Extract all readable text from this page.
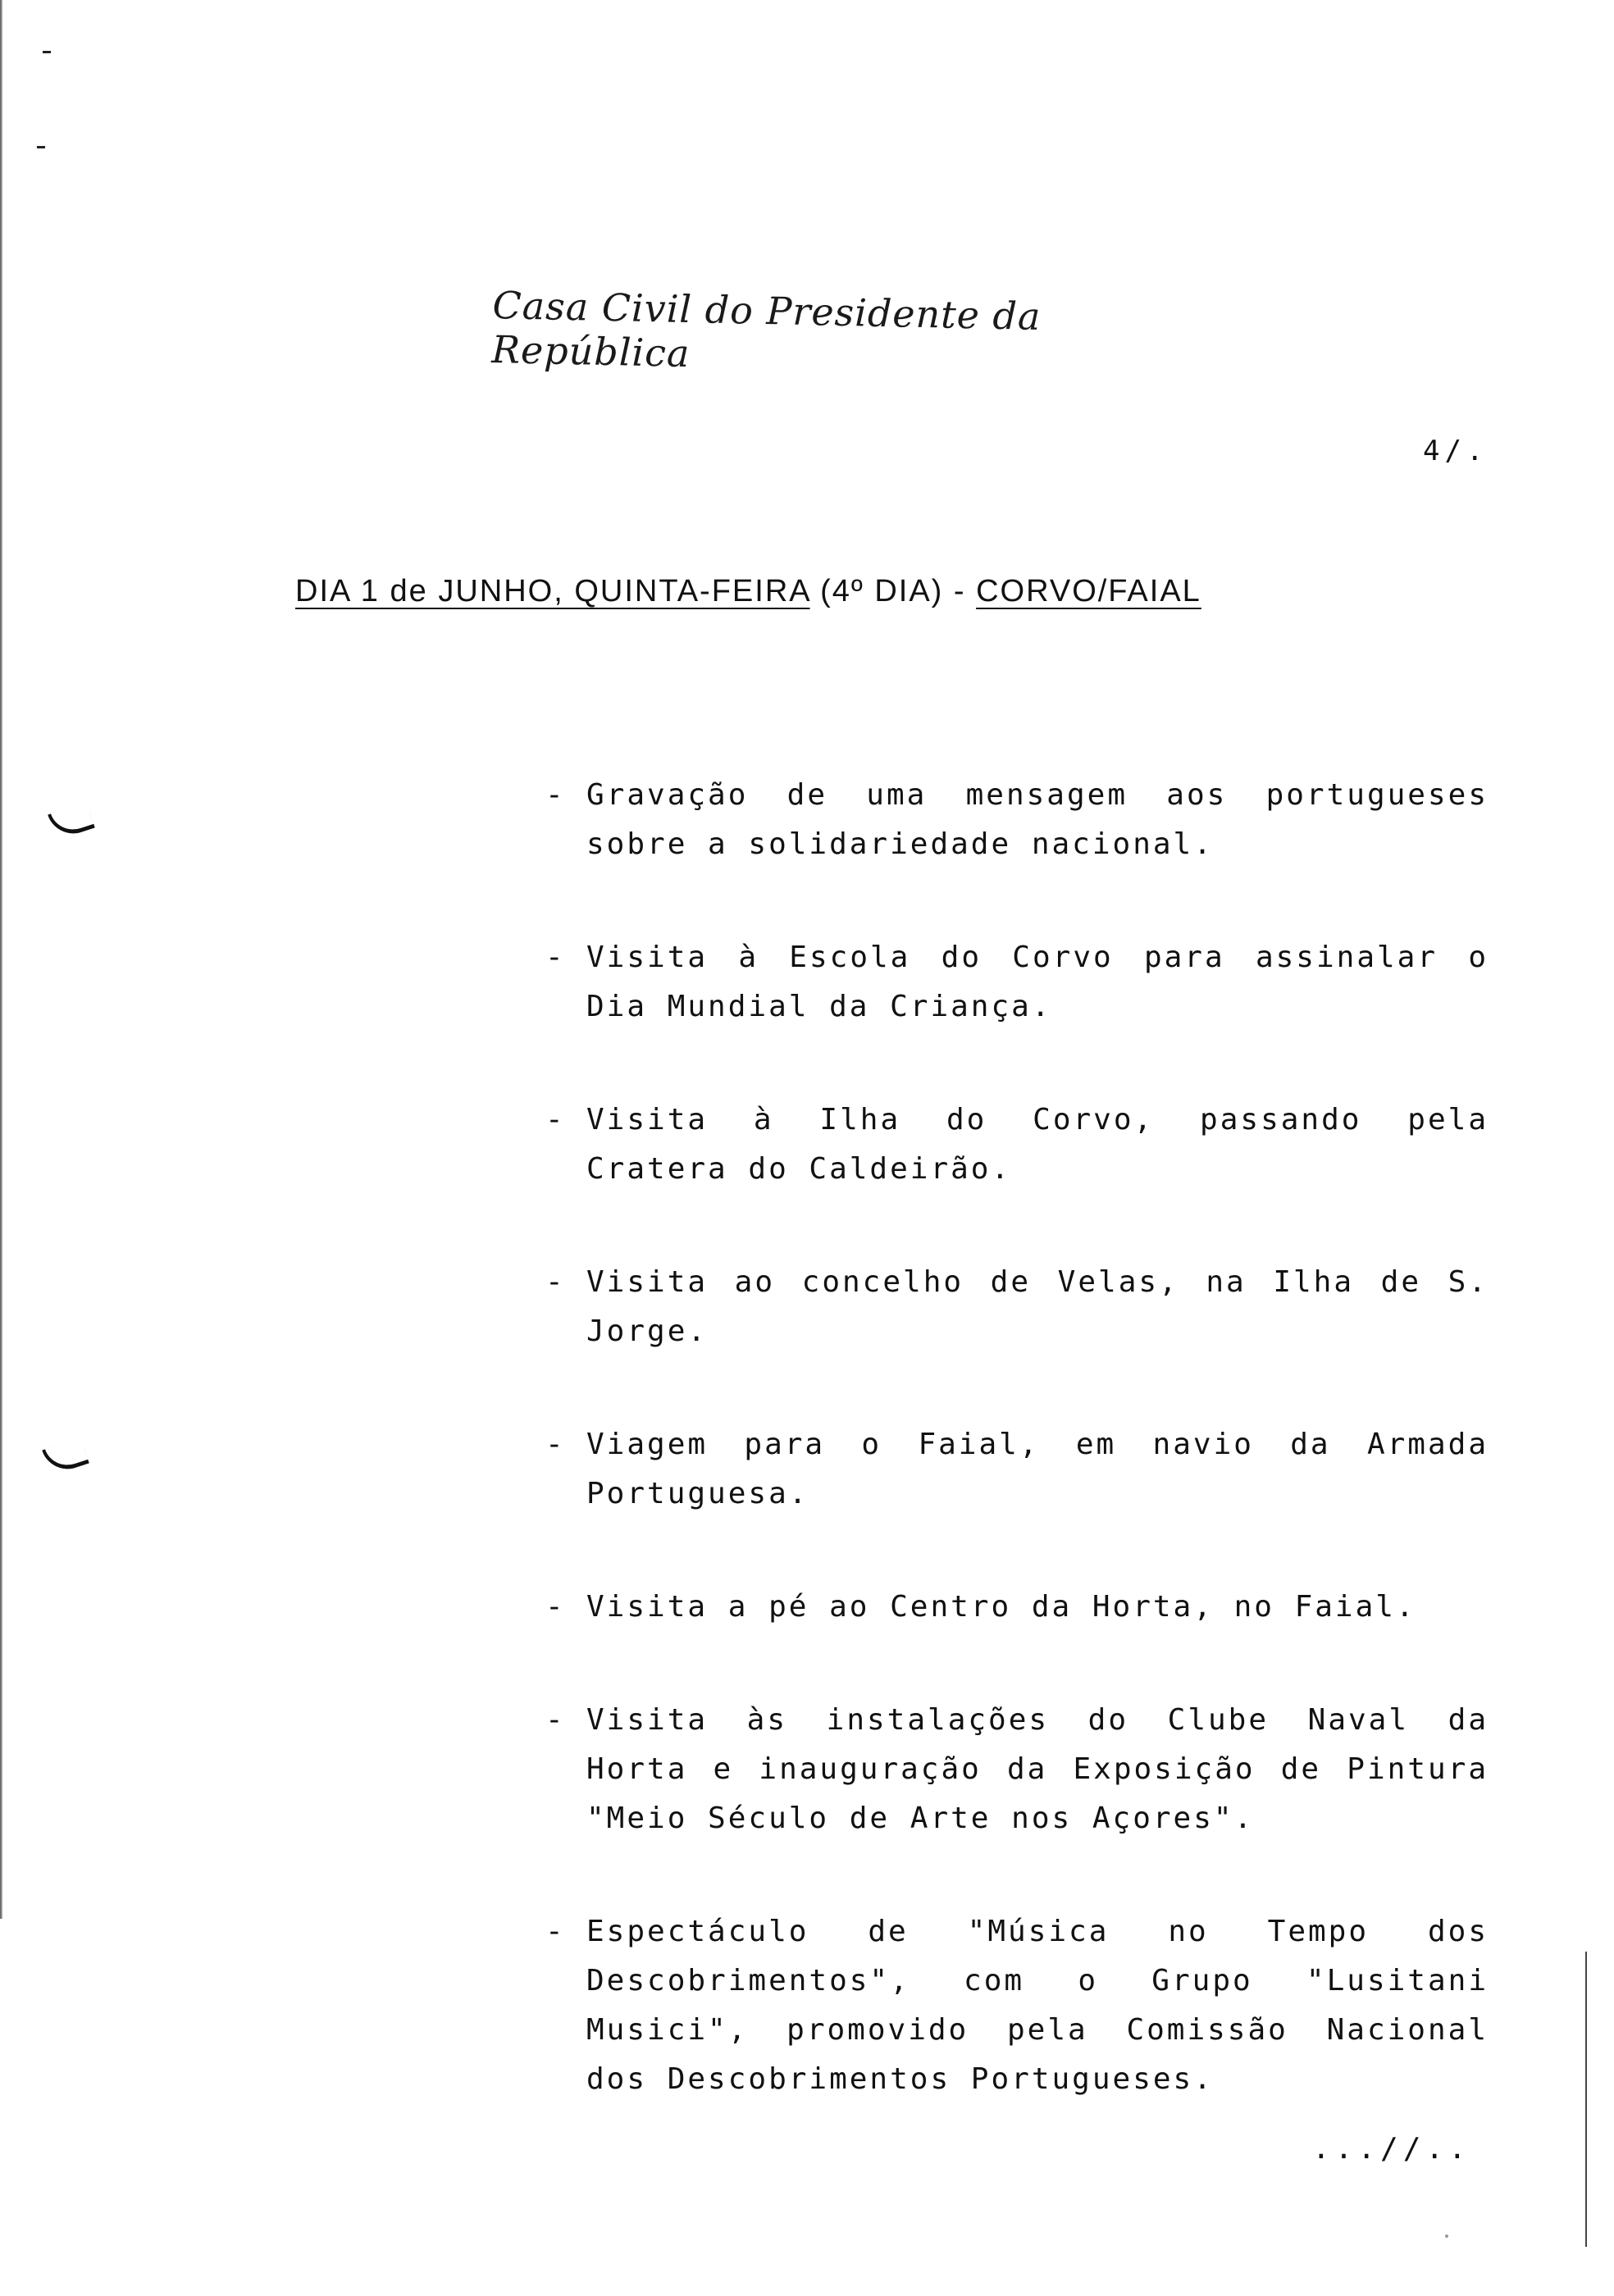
Casa Civil do Presidente da República
4/.
DIA 1 de JUNHO, QUINTA-FEIRA (4º DIA) - CORVO/FAIAL
- Gravação de uma mensagem aos portugueses sobre a solidariedade nacional.
- Visita à Escola do Corvo para assinalar o Dia Mundial da Criança.
- Visita à Ilha do Corvo, passando pela Cratera do Caldeirão.
- Visita ao concelho de Velas, na Ilha de S. Jorge.
- Viagem para o Faial, em navio da Armada Portuguesa.
- Visita a pé ao Centro da Horta, no Faial.
- Visita às instalações do Clube Naval da Horta e inauguração da Exposição de Pintura "Meio Século de Arte nos Açores".
- Espectáculo de "Música no Tempo dos Descobrimentos", com o Grupo "Lusitani Musici", promovido pela Comissão Nacional dos Descobrimentos Portugueses.
...//..
